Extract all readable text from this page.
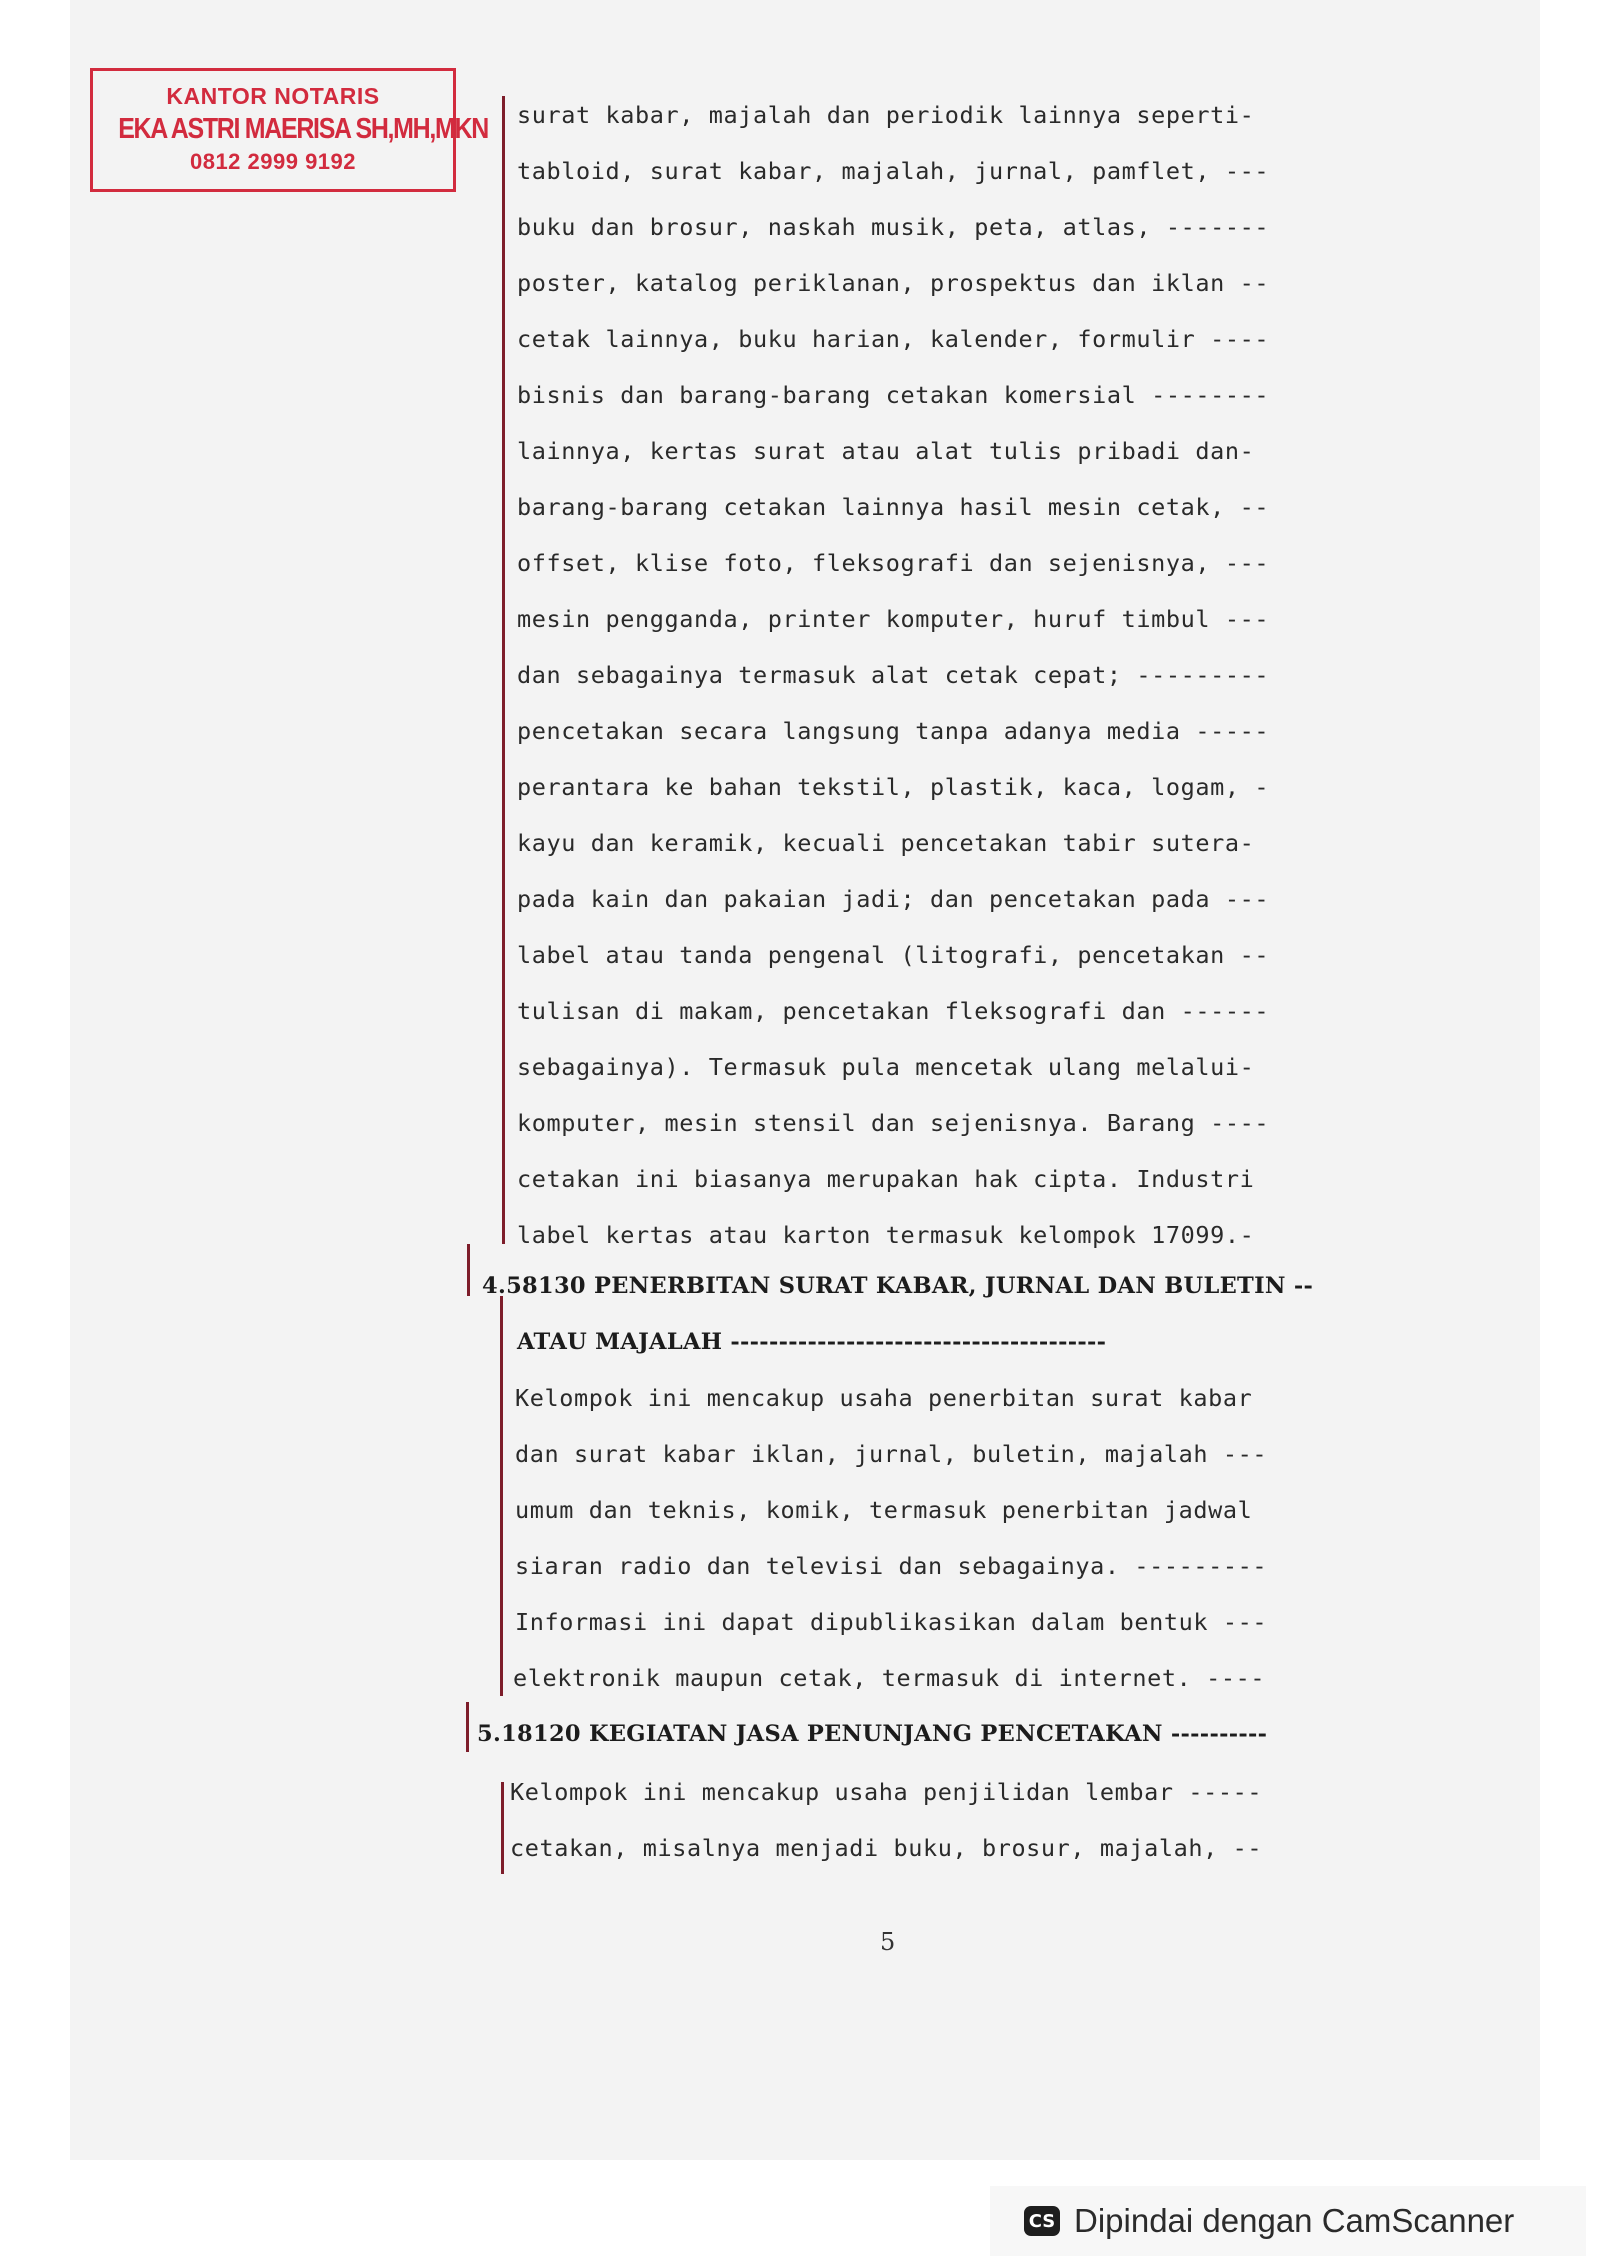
KANTOR NOTARIS
EKA ASTRI MAERISA SH,MH,MKN
0812 2999 9192
surat kabar, majalah dan periodik lainnya seperti-
tabloid, surat kabar, majalah, jurnal, pamflet, ---
buku dan brosur, naskah musik, peta, atlas, -------
poster, katalog periklanan, prospektus dan iklan --
cetak lainnya, buku harian, kalender, formulir ----
bisnis dan barang-barang cetakan komersial --------
lainnya, kertas surat atau alat tulis pribadi dan-
barang-barang cetakan lainnya hasil mesin cetak, --
offset, klise foto, fleksografi dan sejenisnya, ---
mesin pengganda, printer komputer, huruf timbul ---
dan sebagainya termasuk alat cetak cepat; ---------
pencetakan secara langsung tanpa adanya media -----
perantara ke bahan tekstil, plastik, kaca, logam, -
kayu dan keramik, kecuali pencetakan tabir sutera-
pada kain dan pakaian jadi; dan pencetakan pada ---
label atau tanda pengenal (litografi, pencetakan --
tulisan di makam, pencetakan fleksografi dan ------
sebagainya). Termasuk pula mencetak ulang melalui-
komputer, mesin stensil dan sejenisnya. Barang ----
cetakan ini biasanya merupakan hak cipta. Industri
label kertas atau karton termasuk kelompok 17099.-
4.58130 PENERBITAN SURAT KABAR, JURNAL DAN BULETIN --
ATAU MAJALAH ---------------------------------------
Kelompok ini mencakup usaha penerbitan surat kabar
dan surat kabar iklan, jurnal, buletin, majalah ---
umum dan teknis, komik, termasuk penerbitan jadwal
siaran radio dan televisi dan sebagainya. ---------
Informasi ini dapat dipublikasikan dalam bentuk ---
elektronik maupun cetak, termasuk di internet. ----
5.18120 KEGIATAN JASA PENUNJANG PENCETAKAN ----------
Kelompok ini mencakup usaha penjilidan lembar -----
cetakan, misalnya menjadi buku, brosur, majalah, --
5
CS Dipindai dengan CamScanner
